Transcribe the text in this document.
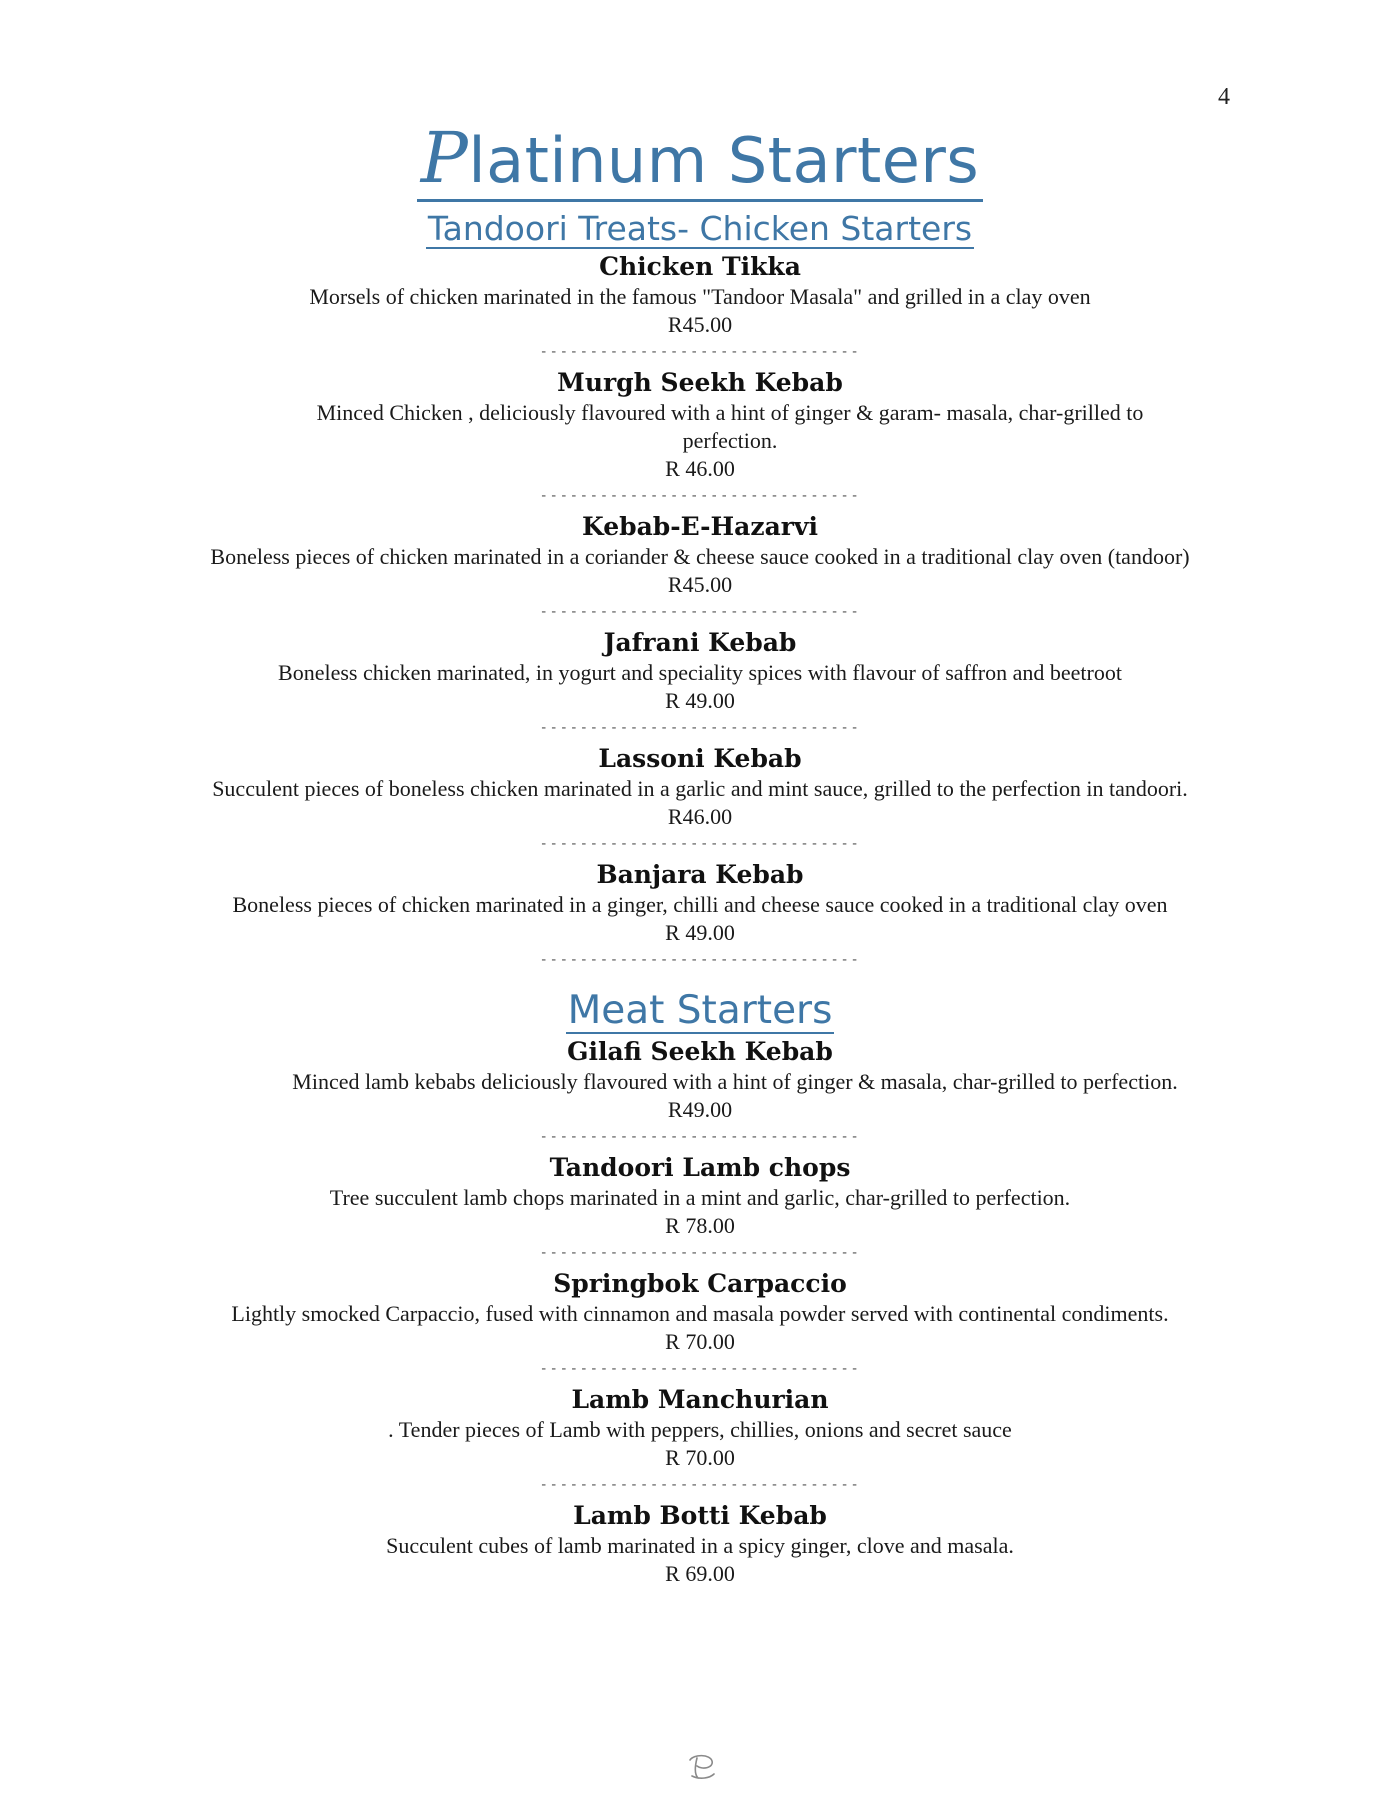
4
Platinum Starters
Tandoori Treats- Chicken Starters
Chicken Tikka
Morsels of chicken marinated in the famous "Tandoor Masala" and grilled in a clay oven
R45.00
--------------------------------
Murgh Seekh Kebab
Minced Chicken , deliciously flavoured with a hint of ginger & garam- masala, char-grilled to perfection.
R 46.00
--------------------------------
Kebab-E-Hazarvi
Boneless pieces of chicken marinated in a coriander & cheese sauce cooked in a traditional clay oven (tandoor)
R45.00
--------------------------------
Jafrani Kebab
Boneless chicken marinated, in yogurt and speciality spices with flavour of saffron and beetroot
R 49.00
--------------------------------
Lassoni Kebab
Succulent pieces of boneless chicken marinated in a garlic and mint sauce, grilled to the perfection in tandoori.
R46.00
--------------------------------
Banjara Kebab
Boneless pieces of chicken marinated in a ginger, chilli and cheese sauce cooked in a traditional clay oven
R 49.00
--------------------------------
Meat Starters
Gilafi Seekh Kebab
Minced lamb kebabs deliciously flavoured with a hint of ginger & masala, char-grilled to perfection.
R49.00
--------------------------------
Tandoori Lamb chops
Tree succulent lamb chops marinated in a mint and garlic, char-grilled to perfection.
R 78.00
--------------------------------
Springbok Carpaccio
Lightly smocked Carpaccio, fused with cinnamon and masala powder served with continental condiments.
R 70.00
--------------------------------
Lamb Manchurian
. Tender pieces of Lamb with peppers, chillies, onions and secret sauce
R 70.00
--------------------------------
Lamb Botti Kebab
Succulent cubes of lamb marinated in a spicy ginger, clove and masala.
R 69.00
